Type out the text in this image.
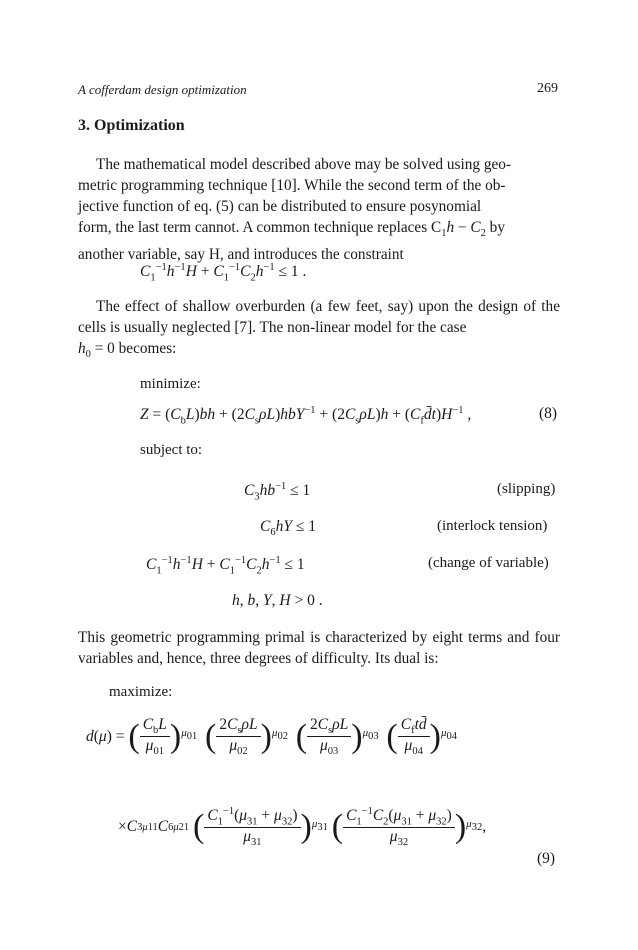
A cofferdam design optimization	269
3. Optimization
The mathematical model described above may be solved using geo-
metric programming technique [10]. While the second term of the ob-
jective function of eq. (5) can be distributed to ensure posynomial
form, the last term cannot. A common technique replaces $C_1h - C_2$ by
another variable, say H, and introduces the constraint
$C_1^{-1}h^{-1}H + C_1^{-1}C_2h^{-1} \le 1$ .
The effect of shallow overburden (a few feet, say) upon the design of the cells is usually neglected [7]. The non-linear model for the case
$h_0 = 0$ becomes:
minimize:
$Z = (C_bL)bh + (2C_s\rho L)hbY^{-1} + (2C_s\rho L)h$ + $(C_fd̄t)H^{-1}$ ,	(8)
subject to:
$C_3hb^{-1} \le 1$	(slipping)
$C_6hY \le 1$	(interlock tension)
$C_1^{-1}h^{-1}H + C_1^{-1}C_2h^{-1} \le 1$	(change of variable)
h, b, Y, H > 0 .
This geometric programming primal is characterized by eight terms and four variables and, hence, three degrees of difficulty. Its dual is:
maximize:
d ( μ ) = ( $\frac{C_bL}{\mu_{01}}$ ) $\mu_{01}$
( $\frac{2C_s\rho L}{\mu_{02}}$ ) $\mu_{02}$
( $\frac{2C_s\rho L}{\mu_{03}}$ ) $\mu_{03}$
( $\frac{C_ftd̄}{\mu_{04}}$ ) $\mu_{04}$
× C 3 μ11 C 6 μ21
( $\frac{C_1^{-1}(\mu_{31} + \mu_{32})}{\mu_{31}}$ ) $\mu_{31}$
( $\frac{C_1^{-1}C_2(\mu_{31} + \mu_{32})}{\mu_{32}}$ ) $\mu_{32}$ ,
(9)
